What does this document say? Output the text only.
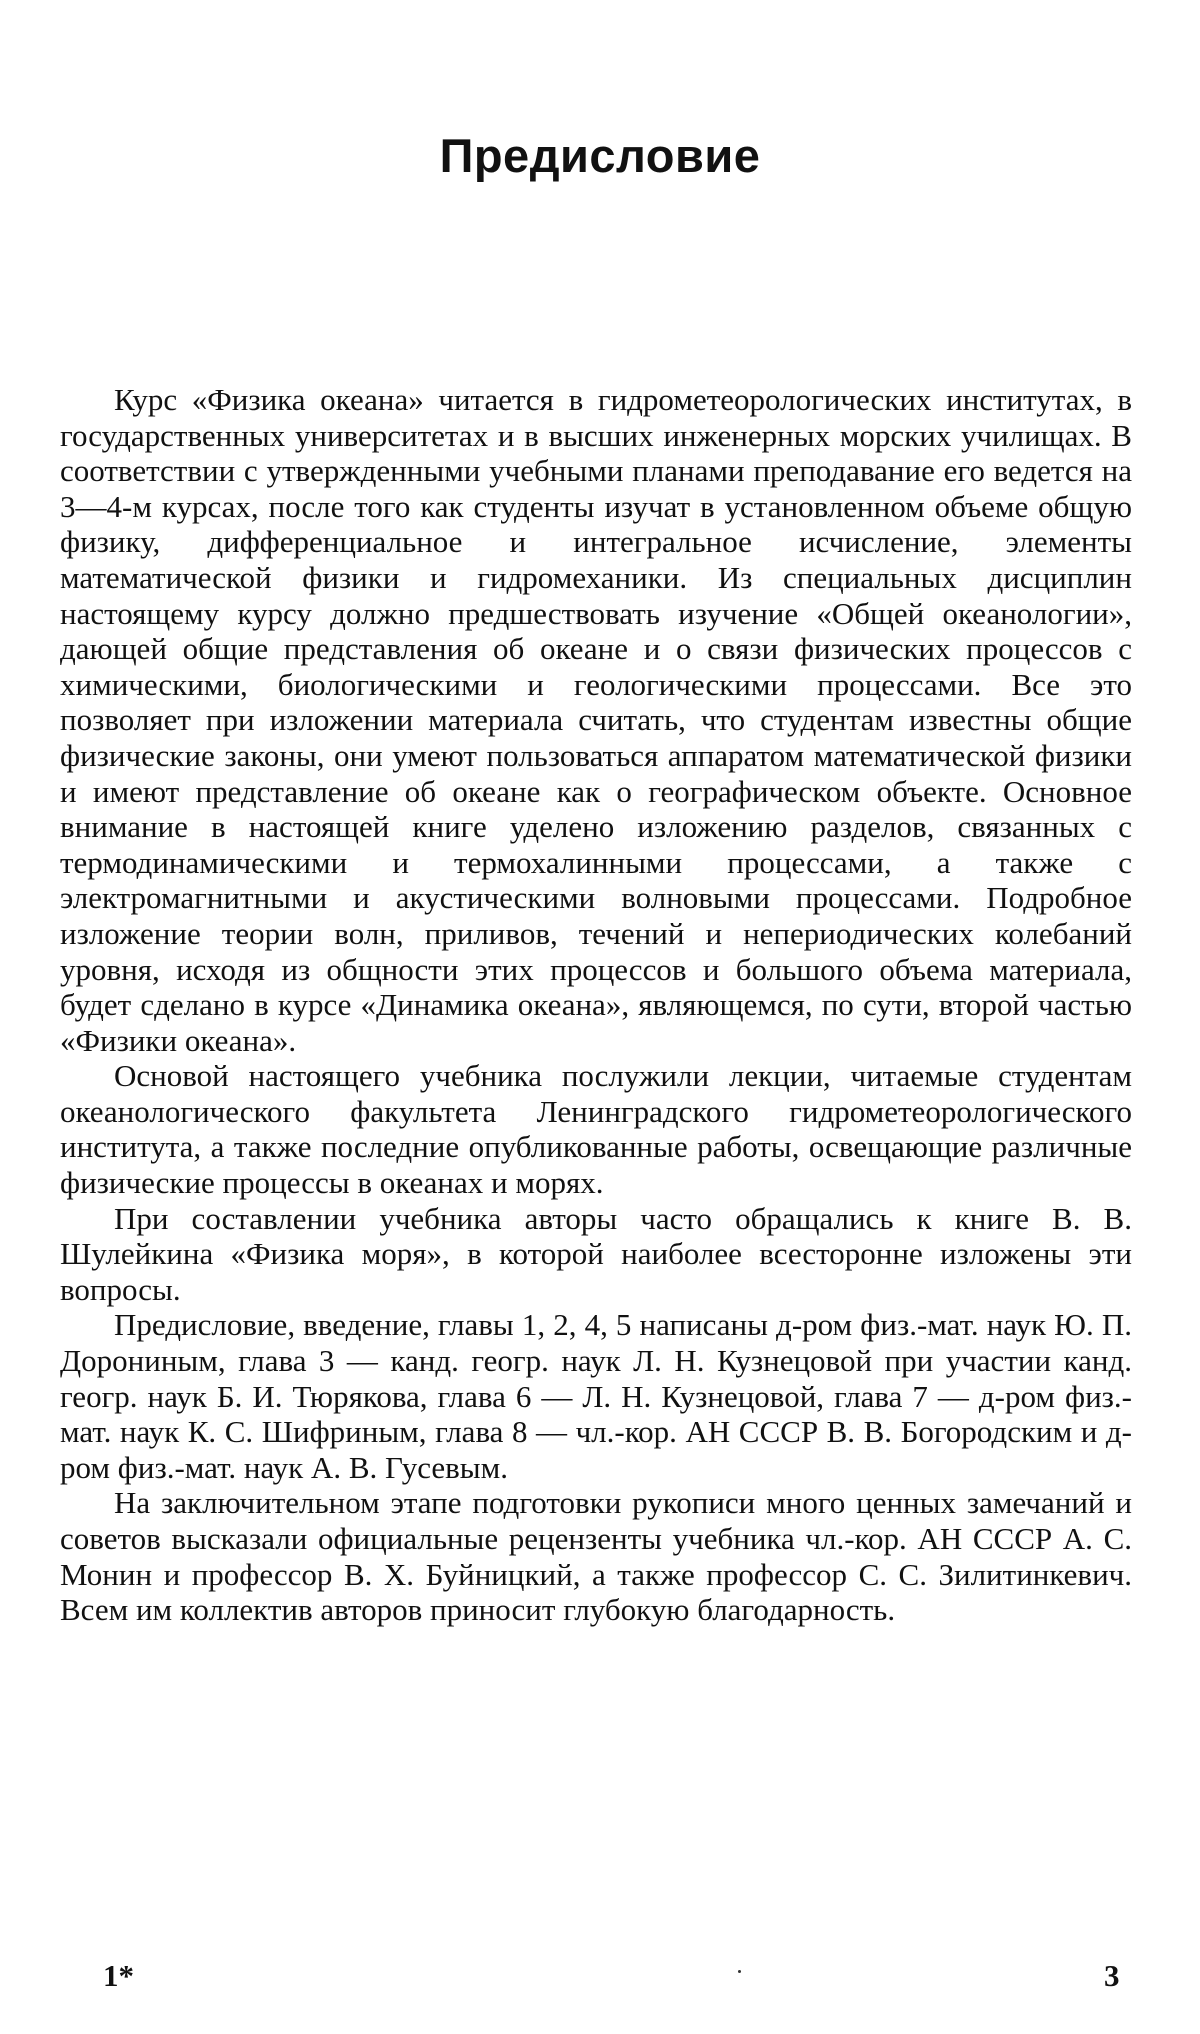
Предисловие

Курс «Физика океана» читается в гидрометеорологических институтах, в государственных университетах и в высших инженерных морских училищах. В соответствии с утвержденными учебными планами преподавание его ведется на 3—4-м курсах, после того как студенты изучат в установленном объеме общую физику, дифференциальное и интегральное исчисление, элементы математической физики и гидромеханики. Из специальных дисциплин настоящему курсу должно предшествовать изучение «Общей океанологии», дающей общие представления об океане и о связи физических процессов с химическими, биологическими и геологическими процессами. Все это позволяет при изложении материала считать, что студентам известны общие физические законы, они умеют пользоваться аппаратом математической физики и имеют представление об океане как о географическом объекте. Основное внимание в настоящей книге уделено изложению разделов, связанных с термодинамическими и термохалинными процессами, а также с электромагнитными и акустическими волновыми процессами. Подробное изложение теории волн, приливов, течений и непериодических колебаний уровня, исходя из общности этих процессов и большого объема материала, будет сделано в курсе «Динамика океана», являющемся, по сути, второй частью «Физики океана».

Основой настоящего учебника послужили лекции, читаемые студентам океанологического факультета Ленинградского гидрометеорологического института, а также последние опубликованные работы, освещающие различные физические процессы в океанах и морях.

При составлении учебника авторы часто обращались к книге В. В. Шулейкина «Физика моря», в которой наиболее всесторонне изложены эти вопросы.

Предисловие, введение, главы 1, 2, 4, 5 написаны д-ром физ.-мат. наук Ю. П. Дорониным, глава 3 — канд. геогр. наук Л. Н. Кузнецовой при участии канд. геогр. наук Б. И. Тюрякова, глава 6 — Л. Н. Кузнецовой, глава 7 — д-ром физ.-мат. наук К. С. Шифриным, глава 8 — чл.-кор. АН СССР В. В. Богородским и д-ром физ.-мат. наук А. В. Гусевым.

На заключительном этапе подготовки рукописи много ценных замечаний и советов высказали официальные рецензенты учебника чл.-кор. АН СССР А. С. Монин и профессор В. Х. Буйницкий, а также профессор С. С. Зилитинкевич. Всем им коллектив авторов приносит глубокую благодарность.

1*	3
